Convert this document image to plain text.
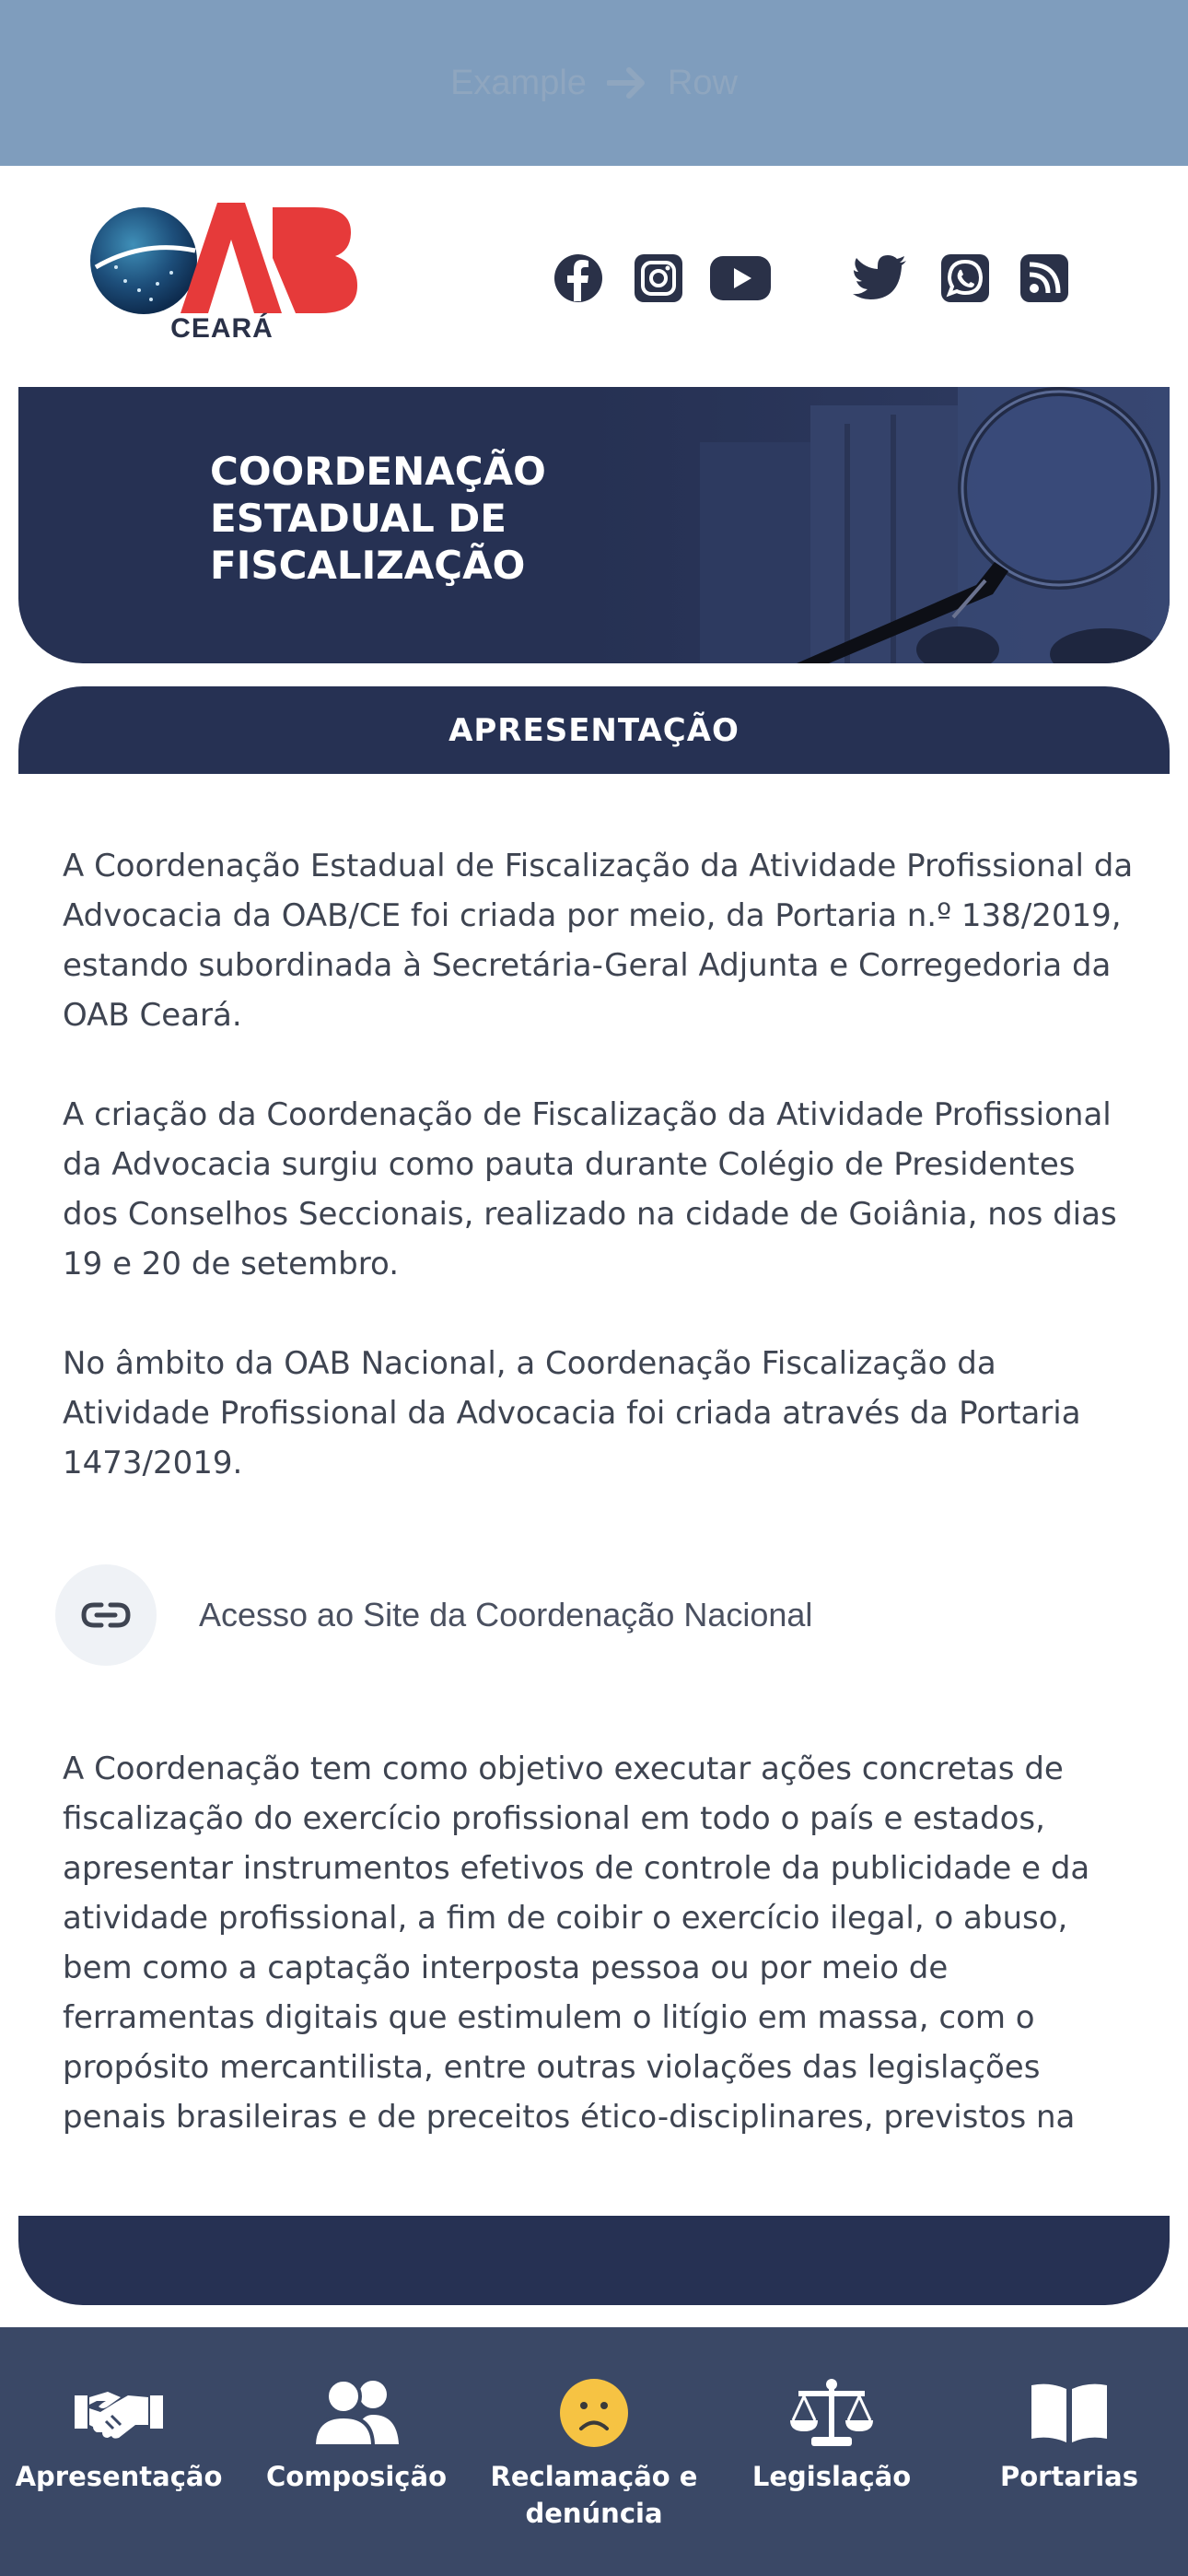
Example Row
CEARÁ
COORDENAÇÃO
ESTADUAL DE
FISCALIZAÇÃO
APRESENTAÇÃO

A Coordenação Estadual de Fiscalização da Atividade Profissional da Advocacia da OAB/CE foi criada por meio, da Portaria n.º 138/2019, estando subordinada à Secretária-Geral Adjunta e Corregedoria da OAB Ceará.

A criação da Coordenação de Fiscalização da Atividade Profissional da Advocacia surgiu como pauta durante Colégio de Presidentes dos Conselhos Seccionais, realizado na cidade de Goiânia, nos dias 19 e 20 de setembro.

No âmbito da OAB Nacional, a Coordenação Fiscalização da Atividade Profissional da Advocacia foi criada através da Portaria 1473/2019.

Acesso ao Site da Coordenação Nacional

A Coordenação tem como objetivo executar ações concretas de fiscalização do exercício profissional em todo o país e estados, apresentar instrumentos efetivos de controle da publicidade e da atividade profissional, a fim de coibir o exercício ilegal, o abuso, bem como a captação interposta pessoa ou por meio de ferramentas digitais que estimulem o litígio em massa, com o propósito mercantilista, entre outras violações das legislações penais brasileiras e de preceitos ético-disciplinares, previstos na

Apresentação	Composição	Reclamação e
denúncia
Legislação	Portarias
